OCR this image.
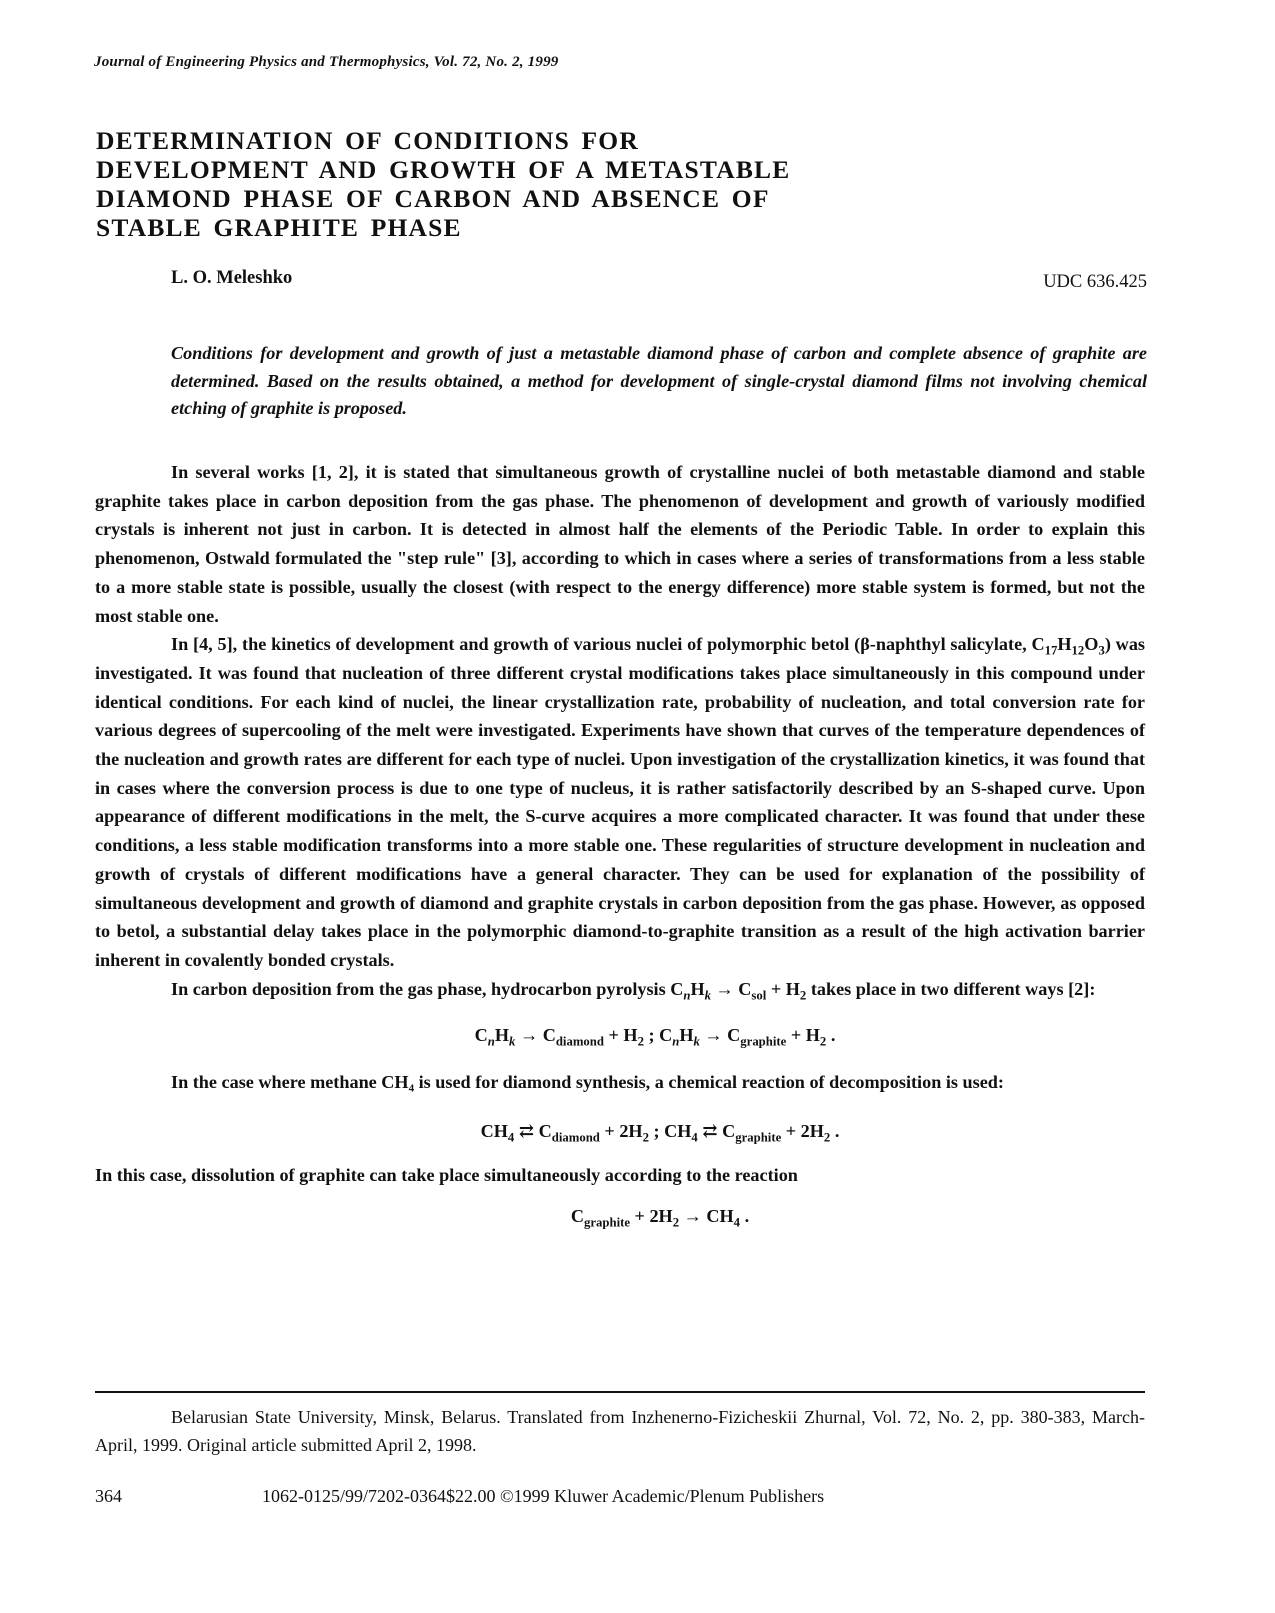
Journal of Engineering Physics and Thermophysics, Vol. 72, No. 2, 1999
DETERMINATION OF CONDITIONS FOR
DEVELOPMENT AND GROWTH OF A METASTABLE
DIAMOND PHASE OF CARBON AND ABSENCE OF
STABLE GRAPHITE PHASE
L. O. Meleshko	UDC 636.425
Conditions for development and growth of just a metastable diamond phase of carbon and complete absence of graphite are determined. Based on the results obtained, a method for development of single-crystal diamond films not involving chemical etching of graphite is proposed.

In several works [1, 2], it is stated that simultaneous growth of crystalline nuclei of both metastable diamond and stable graphite takes place in carbon deposition from the gas phase. The phenomenon of development and growth of variously modified crystals is inherent not just in carbon. It is detected in almost half the elements of the Periodic Table. In order to explain this phenomenon, Ostwald formulated the "step rule" [3], according to which in cases where a series of transformations from a less stable to a more stable state is possible, usually the closest (with respect to the energy difference) more stable system is formed, but not the most stable one.

In [4, 5], the kinetics of development and growth of various nuclei of polymorphic betol (β-naphthyl salicylate, $C_{17}H_{12}O_3$) was investigated. It was found that nucleation of three different crystal modifications takes place simultaneously in this compound under identical conditions. For each kind of nuclei, the linear crystallization rate, probability of nucleation, and total conversion rate for various degrees of supercooling of the melt were investigated. Experiments have shown that curves of the temperature dependences of the nucleation and growth rates are different for each type of nuclei. Upon investigation of the crystallization kinetics, it was found that in cases where the conversion process is due to one type of nucleus, it is rather satisfactorily described by an S-shaped curve. Upon appearance of different modifications in the melt, the S-curve acquires a more complicated character. It was found that under these conditions, a less stable modification transforms into a more stable one. These regularities of structure development in nucleation and growth of crystals of different modifications have a general character. They can be used for explanation of the possibility of simultaneous development and growth of diamond and graphite crystals in carbon deposition from the gas phase. However, as opposed to betol, a substantial delay takes place in the polymorphic diamond-to-graphite transition as a result of the high activation barrier inherent in covalently bonded crystals.

In carbon deposition from the gas phase, hydrocarbon pyrolysis $C_nH_k \to C_{sol} + H_2$ takes place in two different ways [2]:

$C_nH_k \to C_{diamond} + H_2$ ; $C_nH_k \to C_{graphite} + H_2$ .

In the case where methane CH₄ is used for diamond synthesis, a chemical reaction of decomposition is used:

$CH_4$ ⇄ $C_{diamond} + 2H_2$ ; $CH_4$ ⇄ $C_{graphite} + 2H_2$ .

In this case, dissolution of graphite can take place simultaneously according to the reaction

$C_{graphite} + 2H_2 \to CH_4$ .
Belarusian State University, Minsk, Belarus. Translated from Inzhenerno-Fizicheskii Zhurnal, Vol. 72, No. 2, pp. 380-383, March-April, 1999. Original article submitted April 2, 1998.
364	1062-0125/99/7202-0364$22.00 ©1999 Kluwer Academic/Plenum Publishers
